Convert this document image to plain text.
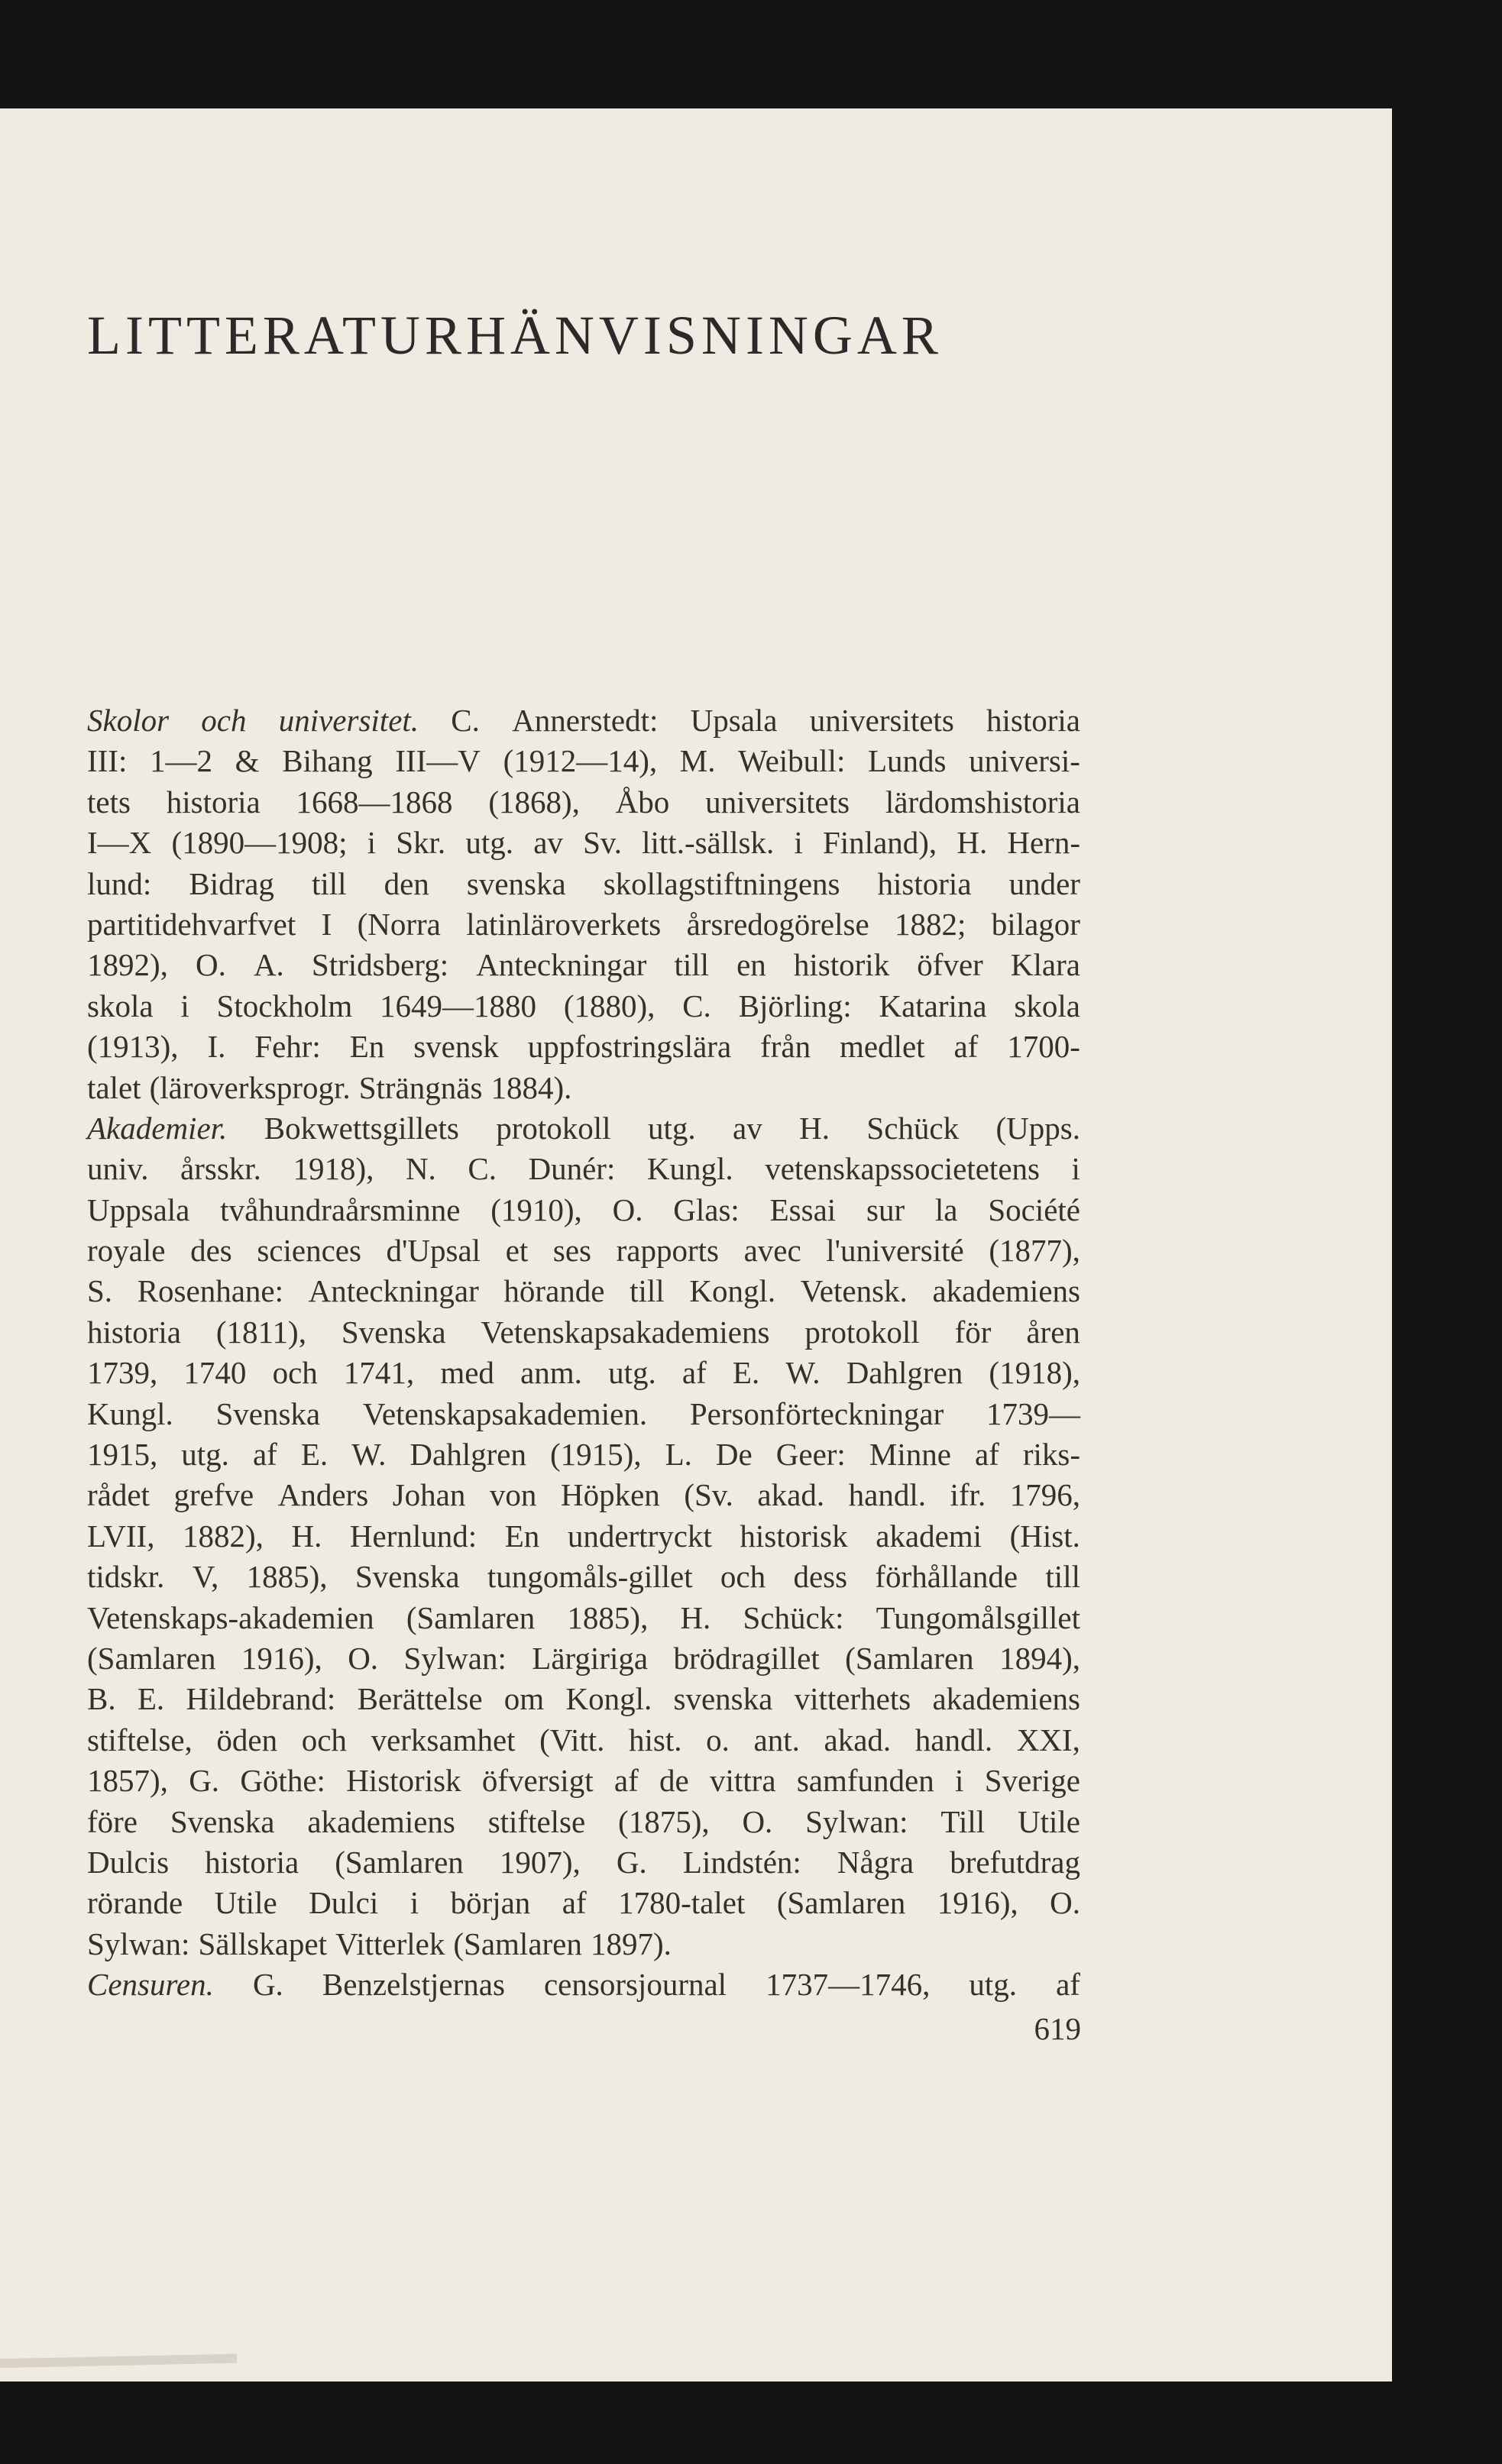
LITTERATURHÄNVISNINGAR
Skolor och universitet. C. Annerstedt: Upsala universitets historia
III: 1—2 & Bihang III—V (1912—14), M. Weibull: Lunds universi-
tets historia 1668—1868 (1868), Åbo universitets lärdomshistoria
I—X (1890—1908; i Skr. utg. av Sv. litt.-sällsk. i Finland), H. Hern-
lund: Bidrag till den svenska skollagstiftningens historia under
partitidehvarfvet I (Norra latinläroverkets årsredogörelse 1882; bilagor
1892), O. A. Stridsberg: Anteckningar till en historik öfver Klara
skola i Stockholm 1649—1880 (1880), C. Björling: Katarina skola
(1913), I. Fehr: En svensk uppfostringslära från medlet af 1700-
talet (läroverksprogr. Strängnäs 1884).
Akademier. Bokwettsgillets protokoll utg. av H. Schück (Upps.
univ. årsskr. 1918), N. C. Dunér: Kungl. vetenskapssocietetens i
Uppsala tvåhundraårsminne (1910), O. Glas: Essai sur la Société
royale des sciences d'Upsal et ses rapports avec l'université (1877),
S. Rosenhane: Anteckningar hörande till Kongl. Vetensk. akademiens
historia (1811), Svenska Vetenskapsakademiens protokoll för åren
1739, 1740 och 1741, med anm. utg. af E. W. Dahlgren (1918),
Kungl. Svenska Vetenskapsakademien. Personförteckningar 1739—
1915, utg. af E. W. Dahlgren (1915), L. De Geer: Minne af riks-
rådet grefve Anders Johan von Höpken (Sv. akad. handl. ifr. 1796,
LVII, 1882), H. Hernlund: En undertryckt historisk akademi (Hist.
tidskr. V, 1885), Svenska tungomåls-gillet och dess förhållande till
Vetenskaps-akademien (Samlaren 1885), H. Schück: Tungomålsgillet
(Samlaren 1916), O. Sylwan: Lärgiriga brödragillet (Samlaren 1894),
B. E. Hildebrand: Berättelse om Kongl. svenska vitterhets akademiens
stiftelse, öden och verksamhet (Vitt. hist. o. ant. akad. handl. XXI,
1857), G. Göthe: Historisk öfversigt af de vittra samfunden i Sverige
före Svenska akademiens stiftelse (1875), O. Sylwan: Till Utile
Dulcis historia (Samlaren 1907), G. Lindstén: Några brefutdrag
rörande Utile Dulci i början af 1780-talet (Samlaren 1916), O.
Sylwan: Sällskapet Vitterlek (Samlaren 1897).
Censuren. G. Benzelstjernas censorsjournal 1737—1746, utg. af
619
